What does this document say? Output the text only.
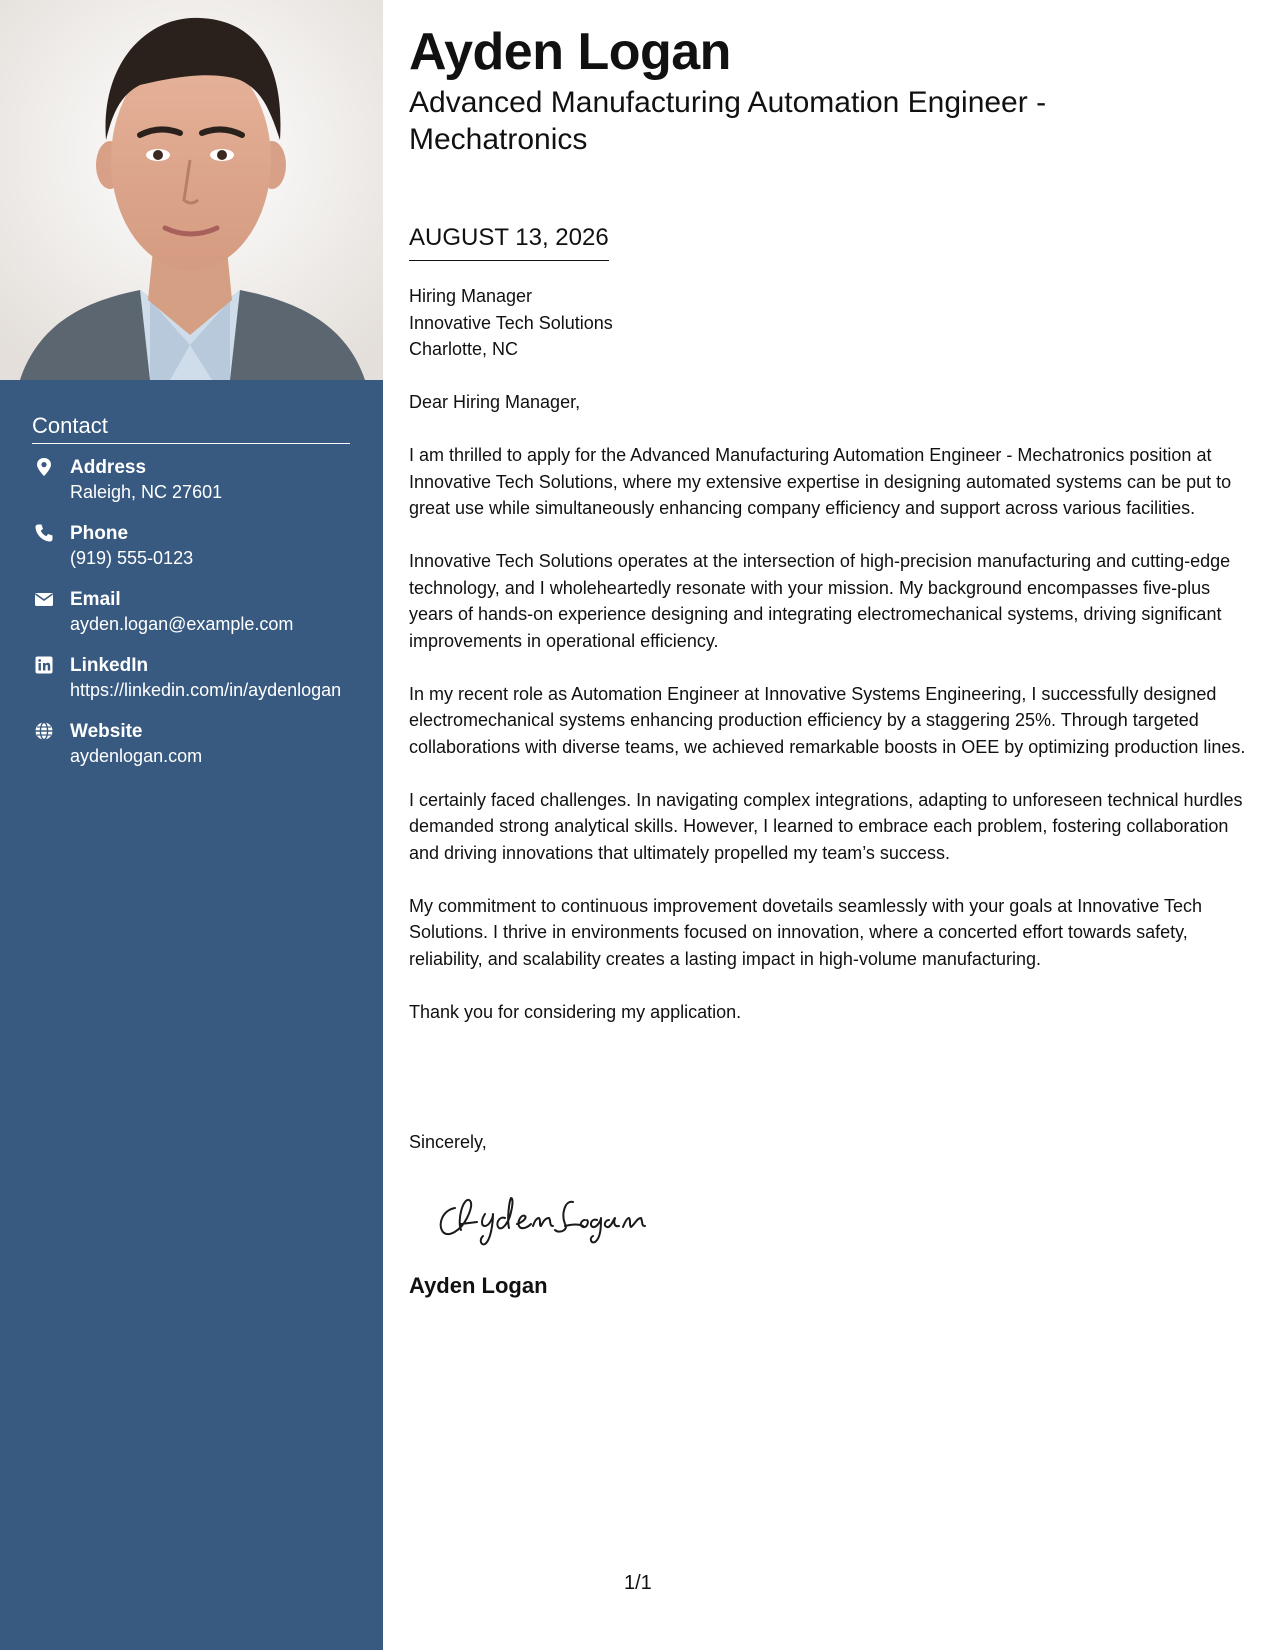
Contact
Address
Raleigh, NC 27601
Phone
(919) 555-0123
Email
ayden.logan@example.com
LinkedIn
https://linkedin.com/in/aydenlogan
Website
aydenlogan.com
Ayden Logan
Advanced Manufacturing Automation Engineer - Mechatronics
AUGUST 13, 2026
Hiring Manager
Innovative Tech Solutions
Charlotte, NC

Dear Hiring Manager,

I am thrilled to apply for the Advanced Manufacturing Automation Engineer - Mechatronics position at Innovative Tech Solutions, where my extensive expertise in designing automated systems can be put to great use while simultaneously enhancing company efficiency and support across various facilities.

Innovative Tech Solutions operates at the intersection of high-precision manufacturing and cutting-edge technology, and I wholeheartedly resonate with your mission. My background encompasses five-plus years of hands-on experience designing and integrating electromechanical systems, driving significant improvements in operational efficiency.

In my recent role as Automation Engineer at Innovative Systems Engineering, I successfully designed electromechanical systems enhancing production efficiency by a staggering 25%. Through targeted collaborations with diverse teams, we achieved remarkable boosts in OEE by optimizing production lines.

I certainly faced challenges. In navigating complex integrations, adapting to unforeseen technical hurdles demanded strong analytical skills. However, I learned to embrace each problem, fostering collaboration and driving innovations that ultimately propelled my team’s success.

My commitment to continuous improvement dovetails seamlessly with your goals at Innovative Tech Solutions. I thrive in environments focused on innovation, where a concerted effort towards safety, reliability, and scalability creates a lasting impact in high-volume manufacturing.

Thank you for considering my application.

Sincerely,
Ayden Logan
1/1
